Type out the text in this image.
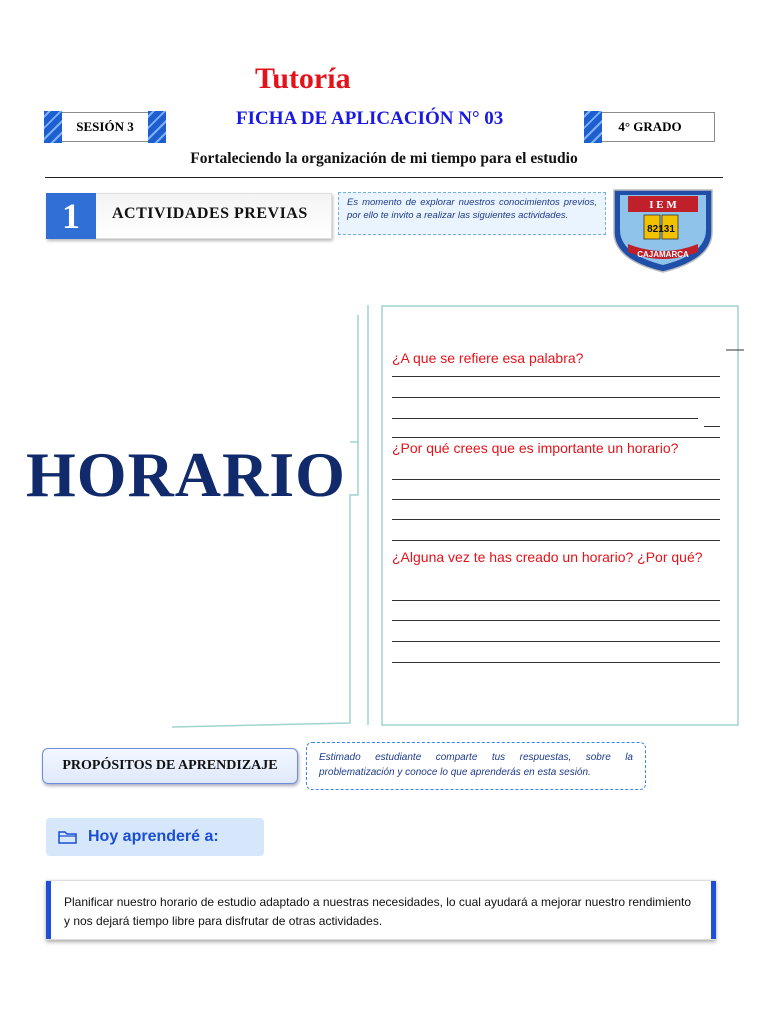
Tutoría
SESIÓN 3	FICHA DE APLICACIÓN N° 03	4° GRADO
Fortaleciendo la organización de mi tiempo para el estudio
1	ACTIVIDADES PREVIAS
Es momento de explorar nuestros conocimientos previos, por ello te invito a realizar las siguientes actividades.
I E M
82131
CAJAMARCA
HORARIO
¿A que se refiere esa palabra?
¿Por qué crees que es importante un horario?
¿Alguna vez te has creado un horario? ¿Por qué?
PROPÓSITOS DE APRENDIZAJE
Estimado estudiante comparte tus respuestas, sobre la problematización y conoce lo que aprenderás en esta sesión.
Hoy aprenderé a:
Planificar nuestro horario de estudio adaptado a nuestras necesidades, lo cual ayudará a mejorar nuestro rendimiento y nos dejará tiempo libre para disfrutar de otras actividades.
